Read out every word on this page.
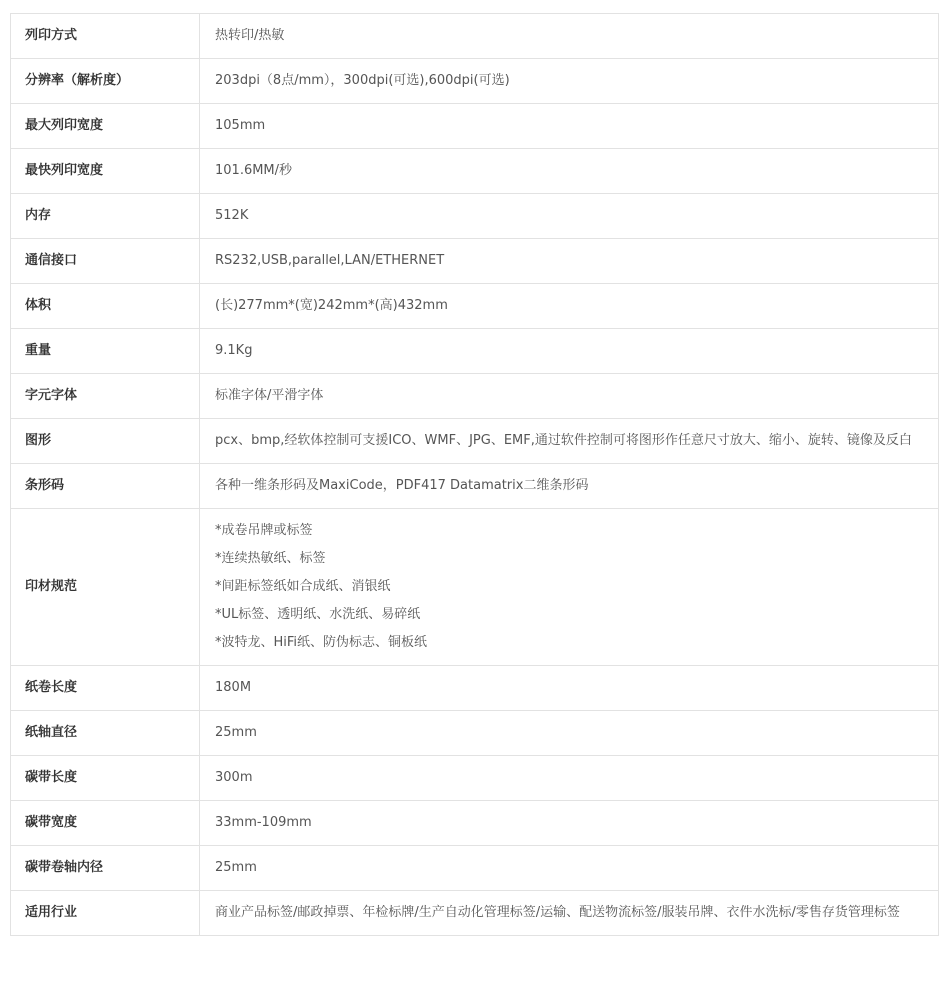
列印方式	热转印/热敏
分辨率（解析度）	203dpi（8点/mm），300dpi(可选),600dpi(可选)
最大列印宽度	105mm
最快列印宽度	101.6MM/秒
内存	512K
通信接口	RS232,USB,parallel,LAN/ETHERNET
体积	(长)277mm*(宽)242mm*(高)432mm
重量	9.1Kg
字元字体	标准字体/平滑字体
图形	pcx、bmp,经软体控制可支援ICO、WMF、JPG、EMF,通过软件控制可将图形作任意尺寸放大、缩小、旋转、镜像及反白
条形码	各种一维条形码及MaxiCode，PDF417 Datamatrix二维条形码
印材规范	*成卷吊牌或标签
*连续热敏纸、标签
*间距标签纸如合成纸、消银纸
*UL标签、透明纸、水洗纸、易碎纸
*波特龙、HiFi纸、防伪标志、铜板纸

纸卷长度	180M
纸轴直径	25mm
碳带长度	300m
碳带宽度	33mm-109mm
碳带卷轴内径	25mm
适用行业	商业产品标签/邮政掉票、年检标牌/生产自动化管理标签/运输、配送物流标签/服装吊牌、衣件水洗标/零售存货管理标签
